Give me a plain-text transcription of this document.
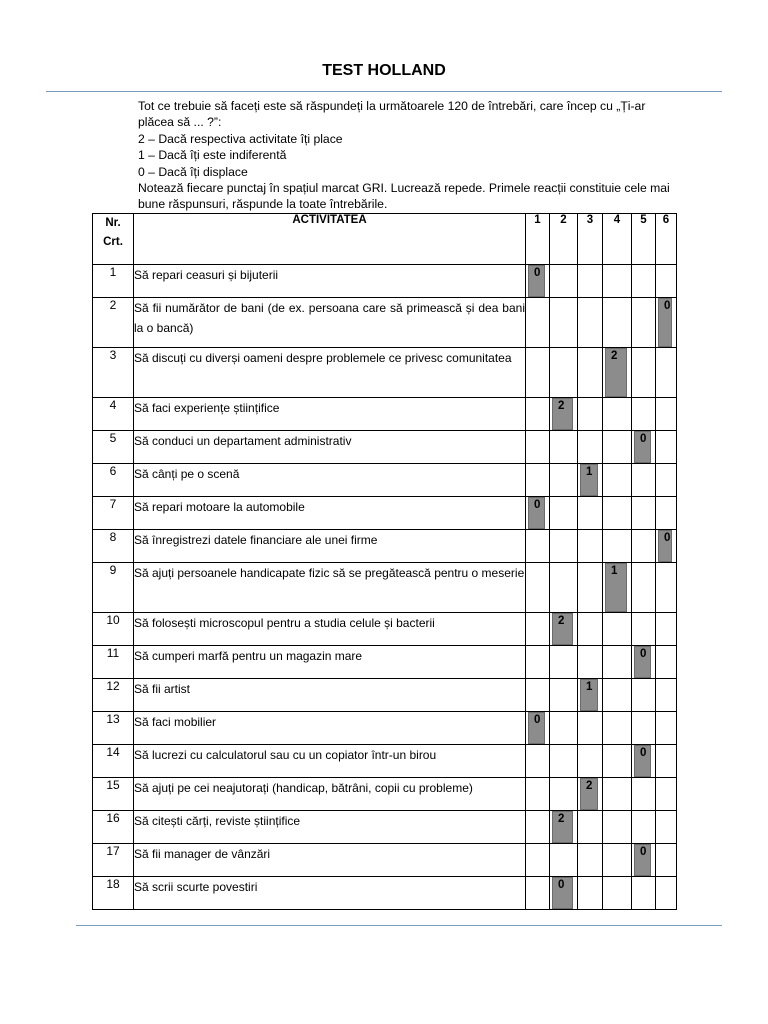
TEST HOLLAND

Tot ce trebuie să faceți este să răspundeți la următoarele 120 de întrebări, care încep cu „Ți-ar plăcea să ... ?”:

2 – Dacă respectiva activitate îți place

1 – Dacă îți este indiferentă

0 – Dacă îți displace

Notează fiecare punctaj în spațiul marcat GRI. Lucrează repede. Primele reacții constituie cele mai bune răspunsuri, răspunde la toate întrebările.

Nr.
Crt.	ACTIVITATEA	1	2	3	4	5	6
1	Să repari ceasuri și bijuterii	0					

2	Să fii numărător de bani (de ex. persoana care să primească și dea bani la o bancă)						0

3	Să discuți cu diverși oameni despre problemele ce privesc comunitatea				2		

4	Să faci experiențe științifice		2				

5	Să conduci un departament administrativ					0	

6	Să cânți pe o scenă			1			

7	Să repari motoare la automobile	0					

8	Să înregistrezi datele financiare ale unei firme						0

9	Să ajuți persoanele handicapate fizic să se pregătească pentru o meserie				1		

10	Să folosești microscopul pentru a studia celule și bacterii		2				

11	Să cumperi marfă pentru un magazin mare					0	

12	Să fii artist			1			

13	Să faci mobilier	0					

14	Să lucrezi cu calculatorul sau cu un copiator într-un birou					0	

15	Să ajuți pe cei neajutorați (handicap, bătrâni, copii cu probleme)			2			

16	Să citești cărți, reviste științifice		2				

17	Să fii manager de vânzări					0	

18	Să scrii scurte povestiri		0				
